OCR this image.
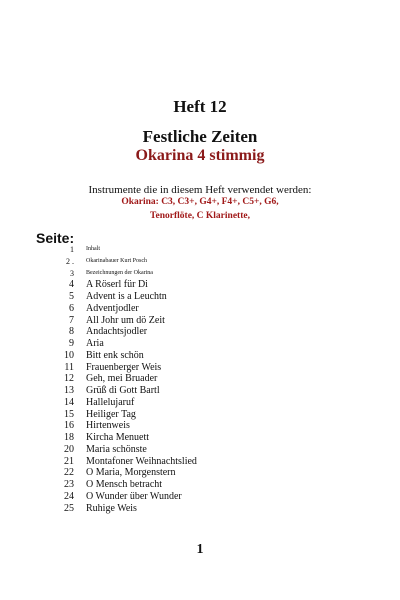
Heft 12
Festliche Zeiten
Okarina 4 stimmig
Instrumente die in diesem Heft verwendet werden:
Okarina: C3, C3+, G4+, F4+, C5+, G6,
Tenorflöte, C Klarinette,
Seite:
1 Inhalt
2 . Okarinabauer Kurt Posch
3 Bezeichnungen der Okarina
4 A Röserl für Di
5 Advent is a Leuchtn
6 Adventjodler
7 All Johr um dö Zeit
8 Andachtsjodler
9 Aria
10 Bitt enk schön
11 Frauenberger Weis
12 Geh, mei Bruader
13 Grüß di Gott Bartl
14 Hallelujaruf
15 Heiliger Tag
16 Hirtenweis
18 Kircha Menuett
20 Maria schönste
21 Montafoner Weihnachtslied
22 O Maria, Morgenstern
23 O Mensch betracht
24 O Wunder über Wunder
25 Ruhige Weis
1
